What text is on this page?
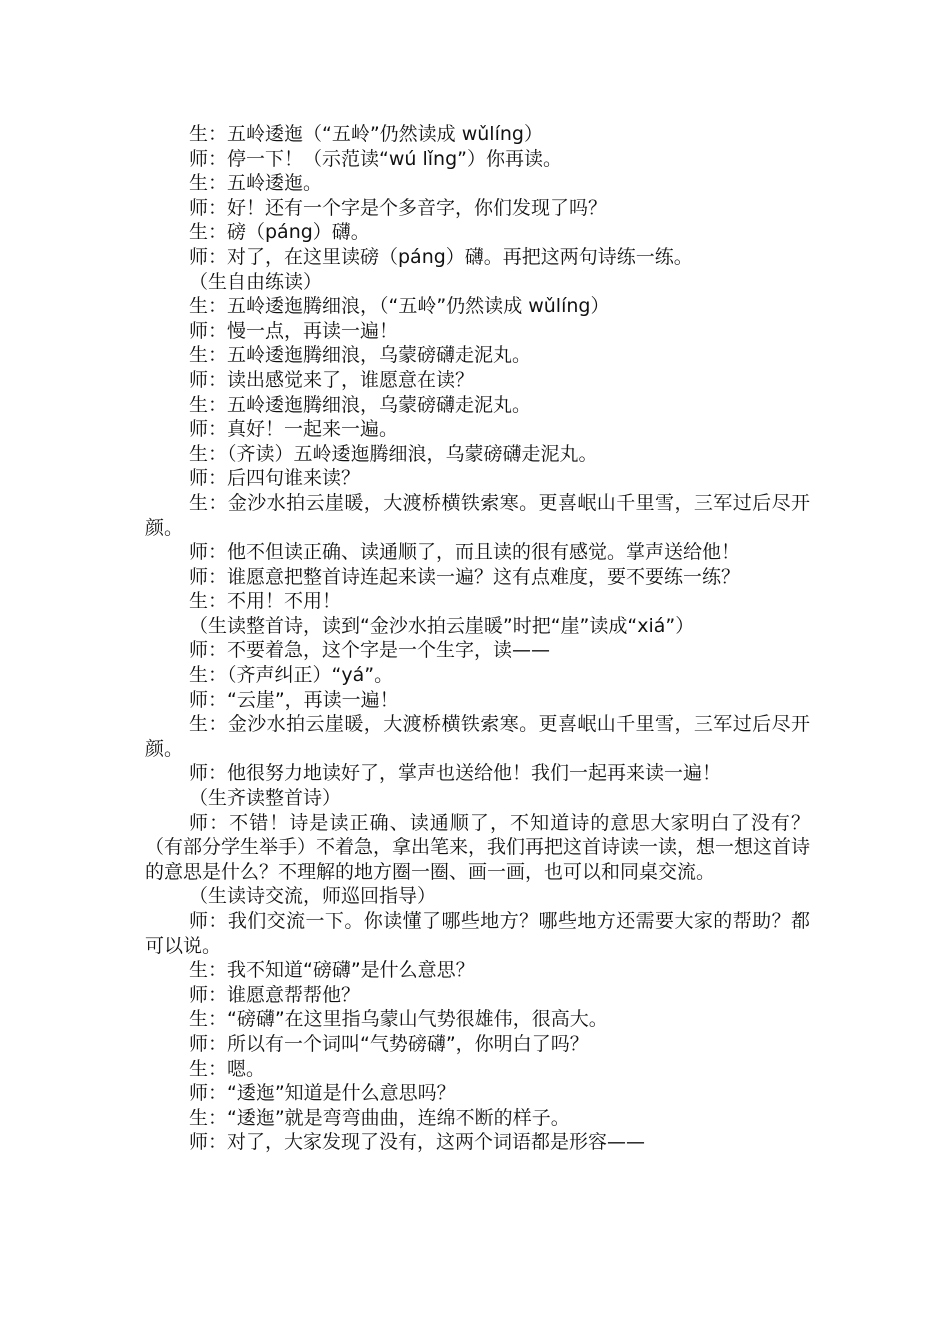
生：五岭逶迤（“五岭”仍然读成 wǔlíng）
师：停一下！（示范读“wú lǐng”）你再读。
生：五岭逶迤。
师：好！还有一个字是个多音字，你们发现了吗？
生：磅（páng）礴。
师：对了，在这里读磅（páng）礴。再把这两句诗练一练。
（生自由练读）
生：五岭逶迤腾细浪，（“五岭”仍然读成 wǔlíng）
师：慢一点，再读一遍！
生：五岭逶迤腾细浪，乌蒙磅礴走泥丸。
师：读出感觉来了，谁愿意在读？
生：五岭逶迤腾细浪，乌蒙磅礴走泥丸。
师：真好！一起来一遍。
生：（齐读）五岭逶迤腾细浪，乌蒙磅礴走泥丸。
师：后四句谁来读？
生：金沙水拍云崖暖，大渡桥横铁索寒。更喜岷山千里雪，三军过后尽开颜。
师：他不但读正确、读通顺了，而且读的很有感觉。掌声送给他！
师：谁愿意把整首诗连起来读一遍？这有点难度，要不要练一练？
生：不用！不用！
（生读整首诗，读到“金沙水拍云崖暖”时把“崖”读成“xiá”）
师：不要着急，这个字是一个生字，读——
生：（齐声纠正）“yá”。
师：“云崖”，再读一遍！
生：金沙水拍云崖暖，大渡桥横铁索寒。更喜岷山千里雪，三军过后尽开颜。
师：他很努力地读好了，掌声也送给他！我们一起再来读一遍！
（生齐读整首诗）
师：不错！诗是读正确、读通顺了，不知道诗的意思大家明白了没有？（有部分学生举手）不着急，拿出笔来，我们再把这首诗读一读，想一想这首诗的意思是什么？不理解的地方圈一圈、画一画，也可以和同桌交流。
（生读诗交流，师巡回指导）
师：我们交流一下。你读懂了哪些地方？哪些地方还需要大家的帮助？都可以说。
生：我不知道“磅礴”是什么意思？
师：谁愿意帮帮他？
生：“磅礴”在这里指乌蒙山气势很雄伟，很高大。
师：所以有一个词叫“气势磅礴”，你明白了吗？
生：嗯。
师：“逶迤”知道是什么意思吗？
生：“逶迤”就是弯弯曲曲，连绵不断的样子。
师：对了，大家发现了没有，这两个词语都是形容——
